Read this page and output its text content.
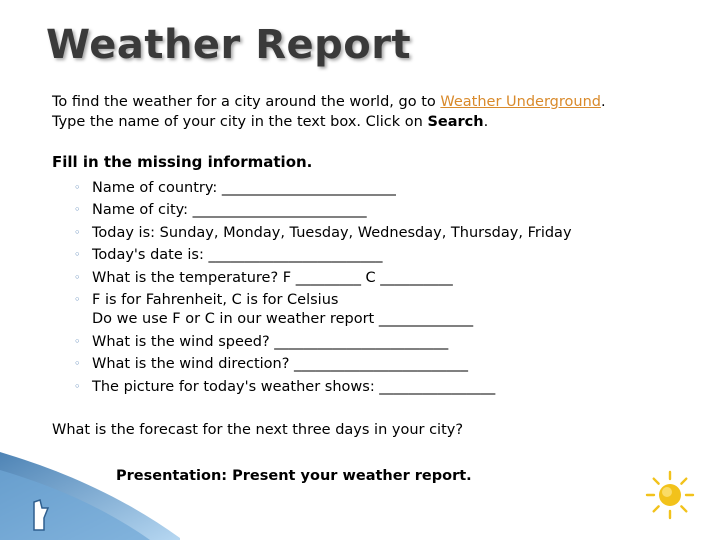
Weather Report
To find the weather for a city around the world, go to Weather Underground.
Type the name of your city in the text box. Click on Search.
Fill in the missing information.
◦ Name of country: ________________________
◦ Name of city: ________________________
◦ Today is: Sunday, Monday, Tuesday, Wednesday, Thursday, Friday
◦ Today's date is: ________________________
◦ What is the temperature? F _________ C __________
◦ F is for Fahrenheit, C is for Celsius
Do we use F or C in our weather report _____________
◦ What is the wind speed? ________________________
◦ What is the wind direction? ________________________
◦ The picture for today's weather shows: ________________
What is the forecast for the next three days in your city?
Presentation: Present your weather report.
